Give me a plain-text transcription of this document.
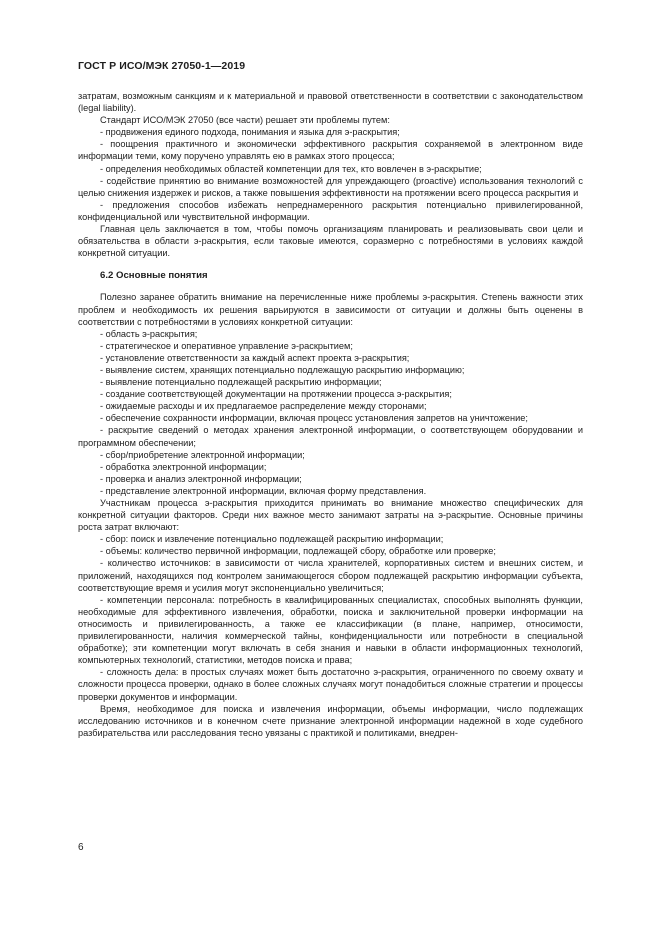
ГОСТ Р ИСО/МЭК 27050-1—2019

затратам, возможным санкциям и к материальной и правовой ответственности в соответствии с законодательством (legal liability).

Стандарт ИСО/МЭК 27050 (все части) решает эти проблемы путем:

- продвижения единого подхода, понимания и языка для э-раскрытия;

- поощрения практичного и экономически эффективного раскрытия сохраняемой в электронном виде информации теми, кому поручено управлять ею в рамках этого процесса;

- определения необходимых областей компетенции для тех, кто вовлечен в э-раскрытие;

- содействие принятию во внимание возможностей для упреждающего (proactive) использования технологий с целью снижения издержек и рисков, а также повышения эффективности на протяжении всего процесса раскрытия и

- предложения способов избежать непреднамеренного раскрытия потенциально привилегированной, конфиденциальной или чувствительной информации.

Главная цель заключается в том, чтобы помочь организациям планировать и реализовывать свои цели и обязательства в области э-раскрытия, если таковые имеются, соразмерно с потребностями в условиях каждой конкретной ситуации.

6.2 Основные понятия

Полезно заранее обратить внимание на перечисленные ниже проблемы э-раскрытия. Степень важности этих проблем и необходимость их решения варьируются в зависимости от ситуации и должны быть оценены в соответствии с потребностями в условиях конкретной ситуации:

- область э-раскрытия;

- стратегическое и оперативное управление э-раскрытием;

- установление ответственности за каждый аспект проекта э-раскрытия;

- выявление систем, хранящих потенциально подлежащую раскрытию информацию;

- выявление потенциально подлежащей раскрытию информации;

- создание соответствующей документации на протяжении процесса э-раскрытия;

- ожидаемые расходы и их предлагаемое распределение между сторонами;

- обеспечение сохранности информации, включая процесс установления запретов на уничтожение;

- раскрытие сведений о методах хранения электронной информации, о соответствующем оборудовании и программном обеспечении;

- сбор/приобретение электронной информации;

- обработка электронной информации;

- проверка и анализ электронной информации;

- представление электронной информации, включая форму представления.

Участникам процесса э-раскрытия приходится принимать во внимание множество специфических для конкретной ситуации факторов. Среди них важное место занимают затраты на э-раскрытие. Основные причины роста затрат включают:

- сбор: поиск и извлечение потенциально подлежащей раскрытию информации;

- объемы: количество первичной информации, подлежащей сбору, обработке или проверке;

- количество источников: в зависимости от числа хранителей, корпоративных систем и внешних систем, и приложений, находящихся под контролем занимающегося сбором подлежащей раскрытию информации субъекта, соответствующие время и усилия могут экспоненциально увеличиться;

- компетенции персонала: потребность в квалифицированных специалистах, способных выполнять функции, необходимые для эффективного извлечения, обработки, поиска и заключительной проверки информации на относимость и привилегированность, а также ее классификации (в плане, например, относимости, привилегированности, наличия коммерческой тайны, конфиденциальности или потребности в специальной обработке); эти компетенции могут включать в себя знания и навыки в области информационных технологий, компьютерных технологий, статистики, методов поиска и права;

- сложность дела: в простых случаях может быть достаточно э-раскрытия, ограниченного по своему охвату и сложности процесса проверки, однако в более сложных случаях могут понадобиться сложные стратегии и процессы проверки документов и информации.

Время, необходимое для поиска и извлечения информации, объемы информации, число подлежащих исследованию источников и в конечном счете признание электронной информации надежной в ходе судебного разбирательства или расследования тесно увязаны с практикой и политиками, внедрен-

6
